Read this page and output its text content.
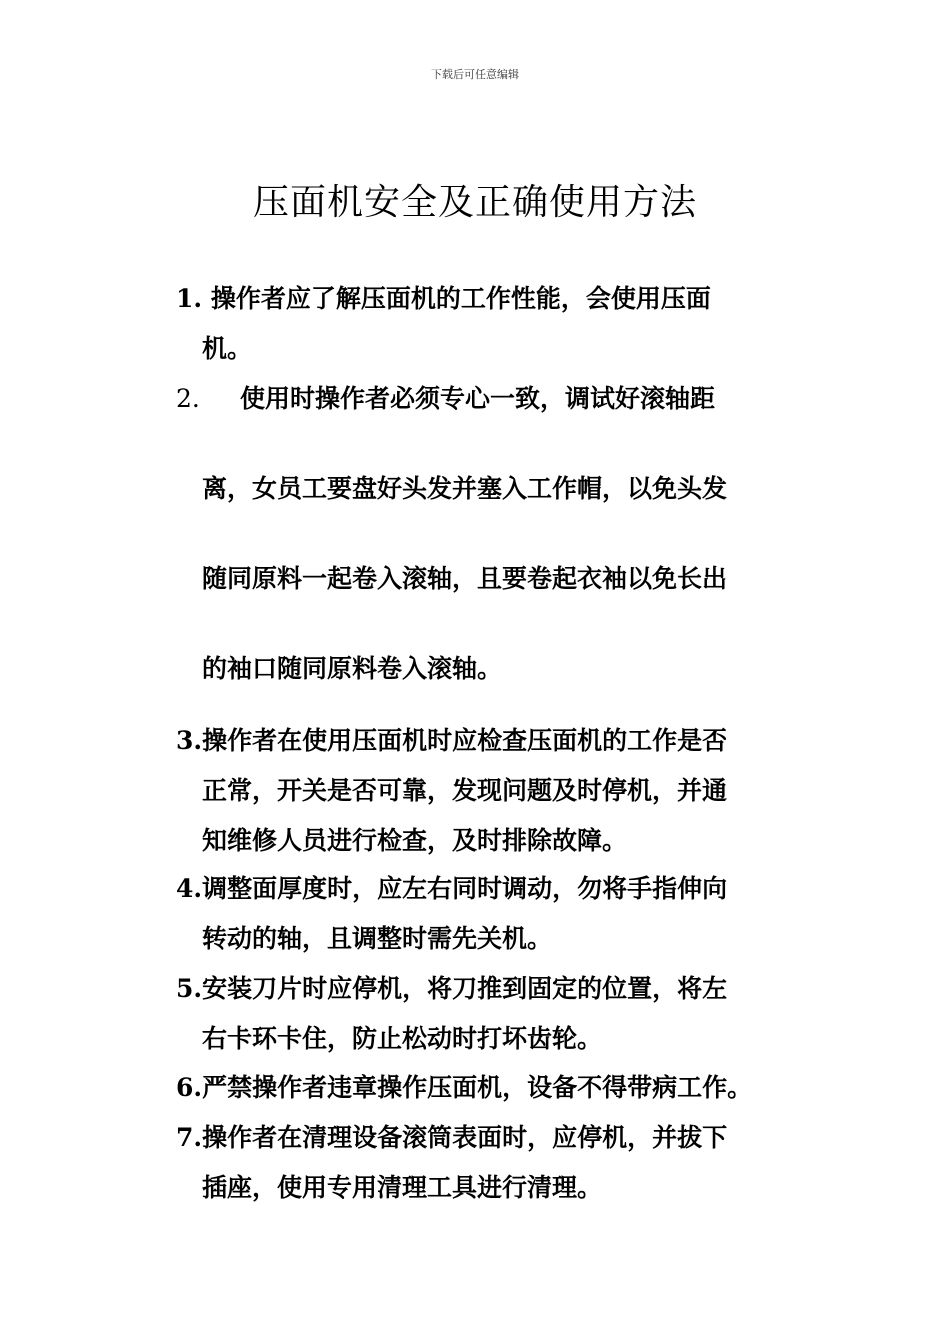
下载后可任意编辑
压面机安全及正确使用方法
1. 操作者应了解压面机的工作性能，会使用压面
机。
2. 使用时操作者必须专心一致，调试好滚轴距
离，女员工要盘好头发并塞入工作帽，以免头发
随同原料一起卷入滚轴，且要卷起衣袖以免长出
的袖口随同原料卷入滚轴。
3.操作者在使用压面机时应检查压面机的工作是否
正常，开关是否可靠，发现问题及时停机，并通
知维修人员进行检查，及时排除故障。
4.调整面厚度时，应左右同时调动，勿将手指伸向
转动的轴，且调整时需先关机。
5.安装刀片时应停机，将刀推到固定的位置，将左
右卡环卡住，防止松动时打坏齿轮。
6.严禁操作者违章操作压面机，设备不得带病工作。
7.操作者在清理设备滚筒表面时，应停机，并拔下
插座，使用专用清理工具进行清理。
